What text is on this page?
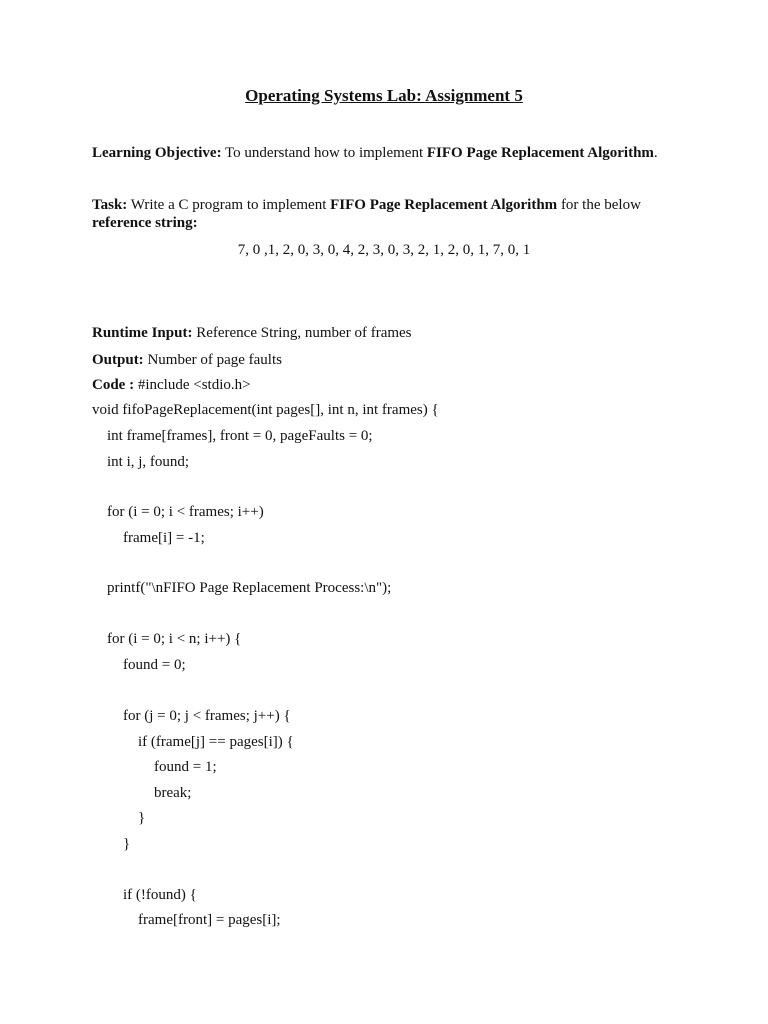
Operating Systems Lab: Assignment 5
Learning Objective: To understand how to implement FIFO Page Replacement Algorithm.
Task: Write a C program to implement FIFO Page Replacement Algorithm for the below
reference string:
7, 0 ,1, 2, 0, 3, 0, 4, 2, 3, 0, 3, 2, 1, 2, 0, 1, 7, 0, 1
Runtime Input: Reference String, number of frames
Output: Number of page faults
Code : #include <stdio.h>
void fifoPageReplacement(int pages[], int n, int frames) {
int frame[frames], front = 0, pageFaults = 0;
int i, j, found;
for (i = 0; i < frames; i++)
frame[i] = -1;
printf("\nFIFO Page Replacement Process:\n");
for (i = 0; i < n; i++) {
found = 0;
for (j = 0; j < frames; j++) {
if (frame[j] == pages[i]) {
found = 1;
break;
}
}
if (!found) {
frame[front] = pages[i];
